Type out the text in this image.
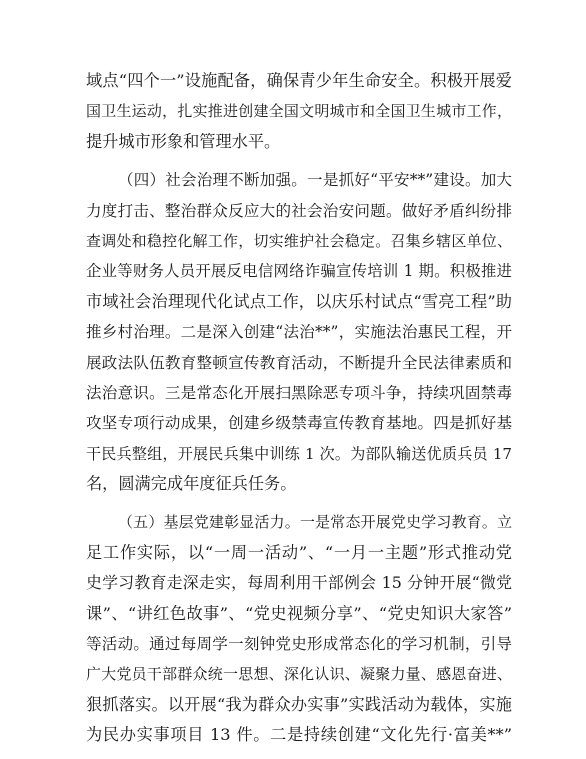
域点“四个一”设施配备，确保青少年生命安全。积极开展爱
国卫生运动，扎实推进创建全国文明城市和全国卫生城市工作，
提升城市形象和管理水平。
（四）社会治理不断加强。一是抓好“平安**”建设。加大
力度打击、整治群众反应大的社会治安问题。做好矛盾纠纷排
查调处和稳控化解工作，切实维护社会稳定。召集乡辖区单位、
企业等财务人员开展反电信网络诈骗宣传培训 1 期。积极推进
市域社会治理现代化试点工作，以庆乐村试点“雪亮工程”助
推乡村治理。二是深入创建“法治**”，实施法治惠民工程，开
展政法队伍教育整顿宣传教育活动，不断提升全民法律素质和
法治意识。三是常态化开展扫黑除恶专项斗争，持续巩固禁毒
攻坚专项行动成果，创建乡级禁毒宣传教育基地。四是抓好基
干民兵整组，开展民兵集中训练 1 次。为部队输送优质兵员 17
名，圆满完成年度征兵任务。
（五）基层党建彰显活力。一是常态开展党史学习教育。立
足工作实际，以“一周一活动”、“一月一主题”形式推动党
史学习教育走深走实，每周利用干部例会 15 分钟开展“微党
课”、“讲红色故事”、“党史视频分享”、“党史知识大家答”
等活动。通过每周学一刻钟党史形成常态化的学习机制，引导
广大党员干部群众统一思想、深化认识、凝聚力量、感恩奋进、
狠抓落实。以开展“我为群众办实事”实践活动为载体，实施
为民办实事项目 13 件。二是持续创建“文化先行·富美**”
